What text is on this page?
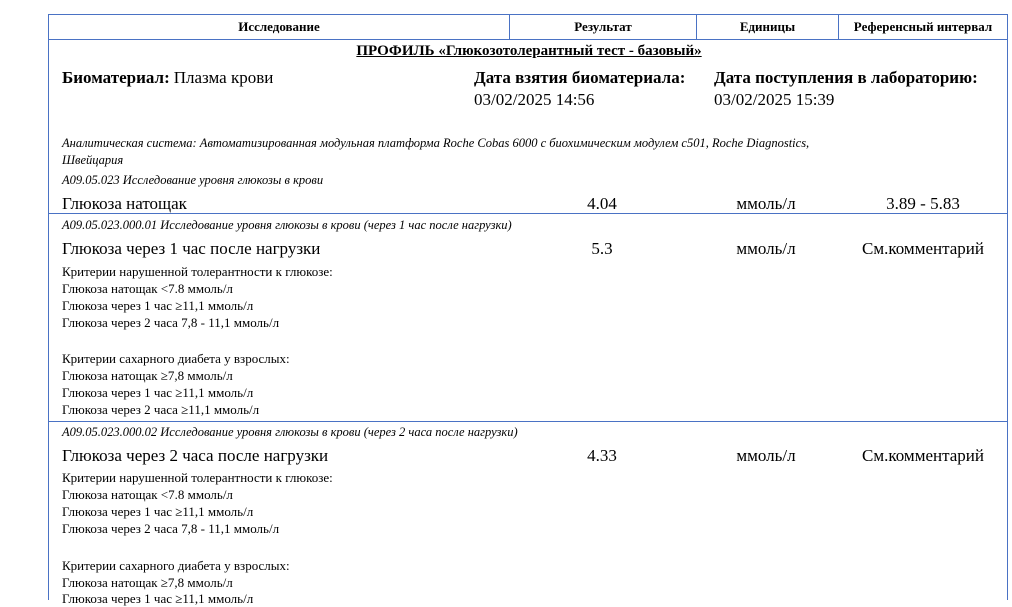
Исследование	Результат	Единицы	Референсный интервал
ПРОФИЛЬ «Глюкозотолерантный тест - базовый»
Биоматериал: Плазма крови	Дата взятия биоматериала:
03/02/2025 14:56
Дата поступления в лабораторию:
03/02/2025 15:39
Аналитическая система: Автоматизированная модульная платформа Roche Cobas 6000 с биохимическим модулем с501, Roche Diagnostics,
Швейцария
А09.05.023 Исследование уровня глюкозы в крови
Глюкоза натощак	4.04	ммоль/л	3.89 - 5.83
А09.05.023.000.01 Исследование уровня глюкозы в крови (через 1 час после нагрузки)
Глюкоза через 1 час после нагрузки	5.3	ммоль/л	См.комментарий
Критерии нарушенной толерантности к глюкозе:
Глюкоза натощак <7.8 ммоль/л
Глюкоза через 1 час ≥11,1 ммоль/л
Глюкоза через 2 часа 7,8 - 11,1 ммоль/л
Критерии сахарного диабета у взрослых:
Глюкоза натощак ≥7,8 ммоль/л
Глюкоза через 1 час ≥11,1 ммоль/л
Глюкоза через 2 часа ≥11,1 ммоль/л
А09.05.023.000.02 Исследование уровня глюкозы в крови (через 2 часа после нагрузки)
Глюкоза через 2 часа после нагрузки	4.33	ммоль/л	См.комментарий
Критерии нарушенной толерантности к глюкозе:
Глюкоза натощак <7.8 ммоль/л
Глюкоза через 1 час ≥11,1 ммоль/л
Глюкоза через 2 часа 7,8 - 11,1 ммоль/л
Критерии сахарного диабета у взрослых:
Глюкоза натощак ≥7,8 ммоль/л
Глюкоза через 1 час ≥11,1 ммоль/л
